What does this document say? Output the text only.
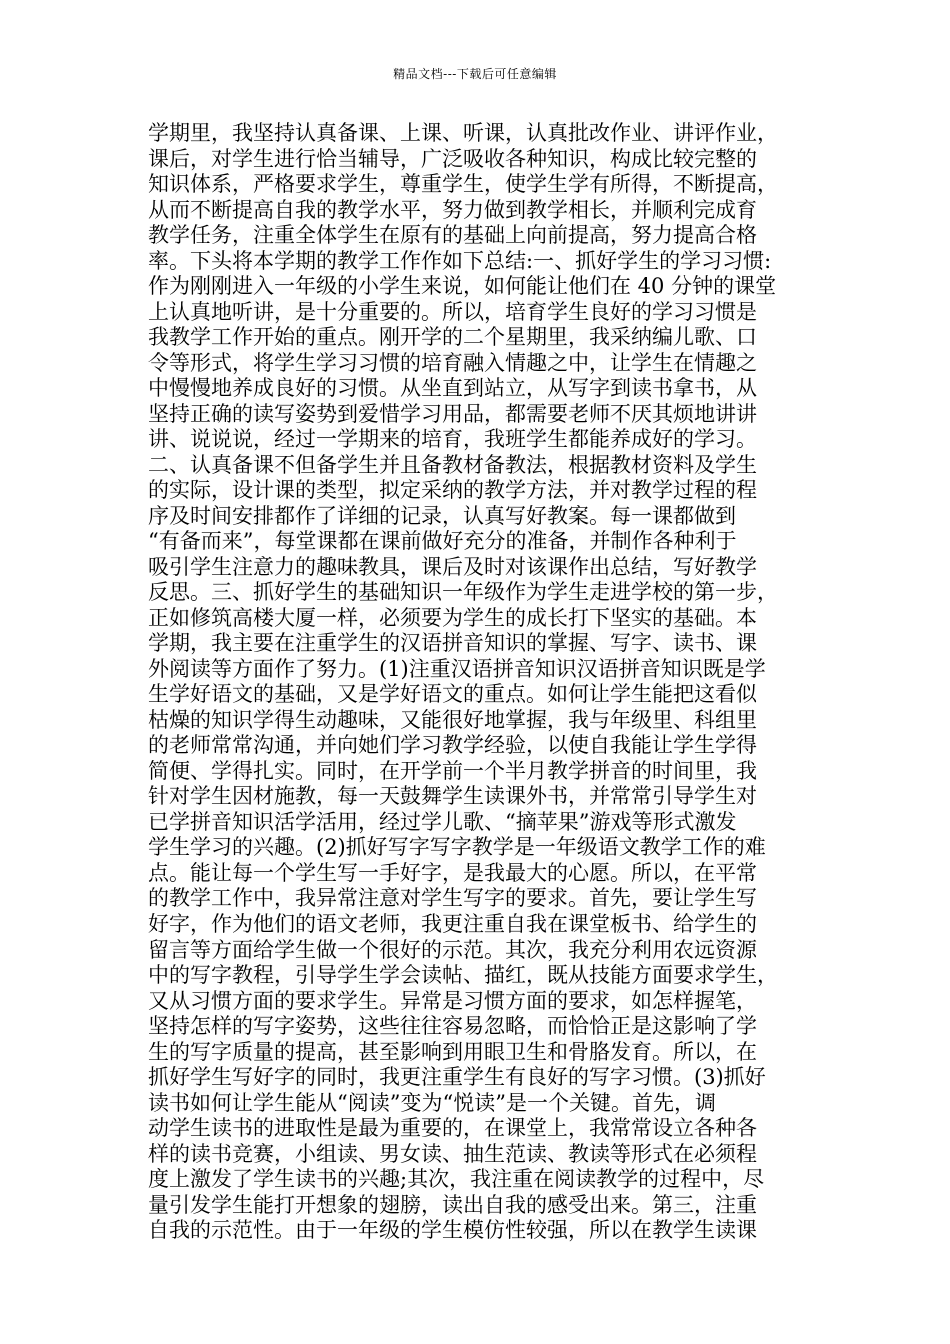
精品文档---下载后可任意编辑
学期里，我坚持认真备课、上课、听课，认真批改作业、讲评作业，
课后，对学生进行恰当辅导，广泛吸收各种知识，构成比较完整的
知识体系，严格要求学生，尊重学生，使学生学有所得，不断提高，
从而不断提高自我的教学水平，努力做到教学相长，并顺利完成育
教学任务，注重全体学生在原有的基础上向前提高，努力提高合格
率。下头将本学期的教学工作作如下总结:一、抓好学生的学习习惯:
作为刚刚进入一年级的小学生来说，如何能让他们在 40 分钟的课堂
上认真地听讲，是十分重要的。所以，培育学生良好的学习习惯是
我教学工作开始的重点。刚开学的二个星期里，我采纳编儿歌、口
令等形式，将学生学习习惯的培育融入情趣之中，让学生在情趣之
中慢慢地养成良好的习惯。从坐直到站立，从写字到读书拿书，从
坚持正确的读写姿势到爱惜学习用品，都需要老师不厌其烦地讲讲
讲、说说说，经过一学期来的培育，我班学生都能养成好的学习。
二、认真备课不但备学生并且备教材备教法，根据教材资料及学生
的实际，设计课的类型，拟定采纳的教学方法，并对教学过程的程
序及时间安排都作了详细的记录，认真写好教案。每一课都做到
“有备而来”，每堂课都在课前做好充分的准备，并制作各种利于
吸引学生注意力的趣味教具，课后及时对该课作出总结，写好教学
反思。三、抓好学生的基础知识一年级作为学生走进学校的第一步，
正如修筑高楼大厦一样，必须要为学生的成长打下坚实的基础。本
学期，我主要在注重学生的汉语拼音知识的掌握、写字、读书、课
外阅读等方面作了努力。(1)注重汉语拼音知识汉语拼音知识既是学
生学好语文的基础，又是学好语文的重点。如何让学生能把这看似
枯燥的知识学得生动趣味，又能很好地掌握，我与年级里、科组里
的老师常常沟通，并向她们学习教学经验，以使自我能让学生学得
简便、学得扎实。同时，在开学前一个半月教学拼音的时间里，我
针对学生因材施教，每一天鼓舞学生读课外书，并常常引导学生对
已学拼音知识活学活用，经过学儿歌、“摘苹果”游戏等形式激发
学生学习的兴趣。(2)抓好写字写字教学是一年级语文教学工作的难
点。能让每一个学生写一手好字，是我最大的心愿。所以，在平常
的教学工作中，我异常注意对学生写字的要求。首先，要让学生写
好字，作为他们的语文老师，我更注重自我在课堂板书、给学生的
留言等方面给学生做一个很好的示范。其次，我充分利用农远资源
中的写字教程，引导学生学会读帖、描红，既从技能方面要求学生，
又从习惯方面的要求学生。异常是习惯方面的要求，如怎样握笔，
坚持怎样的写字姿势，这些往往容易忽略，而恰恰正是这影响了学
生的写字质量的提高，甚至影响到用眼卫生和骨胳发育。所以，在
抓好学生写好字的同时，我更注重学生有良好的写字习惯。(3)抓好
读书如何让学生能从“阅读”变为“悦读”是一个关键。首先，调
动学生读书的进取性是最为重要的，在课堂上，我常常设立各种各
样的读书竞赛，小组读、男女读、抽生范读、教读等形式在必须程
度上激发了学生读书的兴趣;其次，我注重在阅读教学的过程中，尽
量引发学生能打开想象的翅膀，读出自我的感受出来。第三，注重
自我的示范性。由于一年级的学生模仿性较强，所以在教学生读课
